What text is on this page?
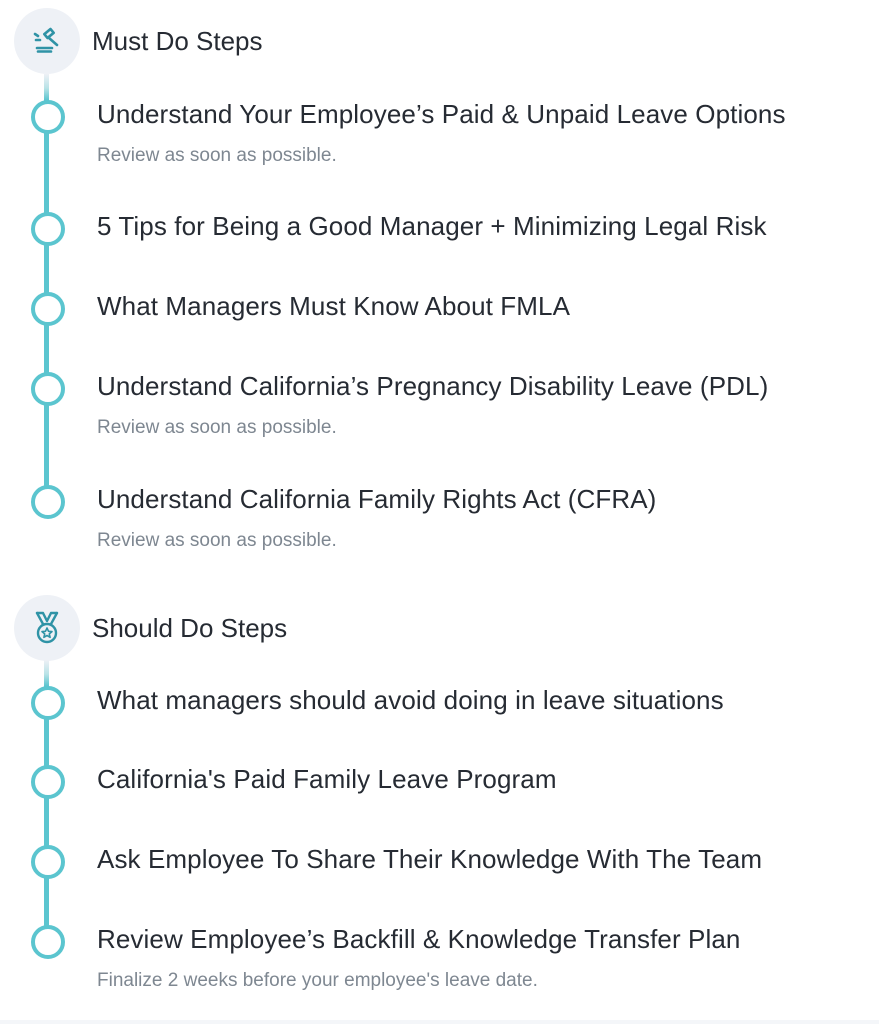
Must Do Steps
Understand Your Employee’s Paid & Unpaid Leave Options
Review as soon as possible.
5 Tips for Being a Good Manager + Minimizing Legal Risk
What Managers Must Know About FMLA
Understand California’s Pregnancy Disability Leave (PDL)
Review as soon as possible.
Understand California Family Rights Act (CFRA)
Review as soon as possible.
Should Do Steps
What managers should avoid doing in leave situations
California's Paid Family Leave Program
Ask Employee To Share Their Knowledge With The Team
Review Employee’s Backfill & Knowledge Transfer Plan
Finalize 2 weeks before your employee's leave date.
